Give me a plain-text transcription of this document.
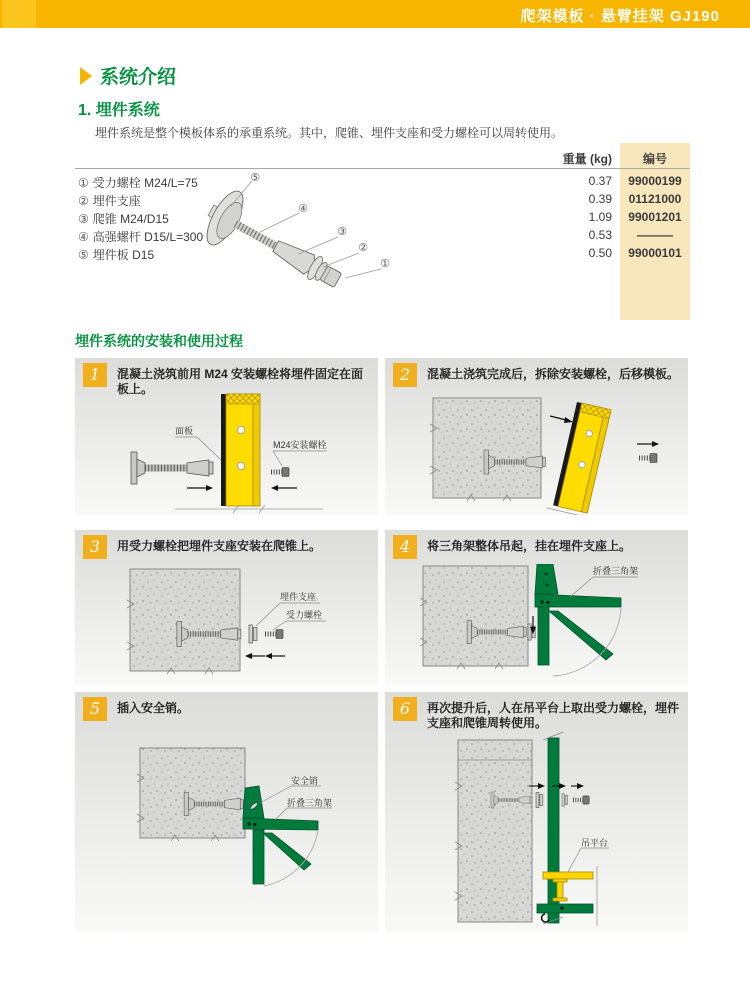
爬架模板 · 悬臂挂架 GJ190
系统介绍
1. 埋件系统
埋件系统是整个模板体系的承重系统。其中，爬锥、埋件支座和受力螺栓可以周转使用。
重量 (kg)	编号
① 受力螺栓 M24/L=75	0.37	99000199
② 埋件支座	0.39	01121000
③ 爬锥 M24/D15	1.09	99001201
④ 高强螺杆 D15/L=300	0.53	———
⑤ 埋件板 D15	0.50	99000101
⑤
④
③
②
①
埋件系统的安装和使用过程
1	混凝土浇筑前用 M24 安装螺栓将埋件固定在面板上。
面板
M24安装螺栓
2	混凝土浇筑完成后，拆除安装螺栓，后移模板。
3	用受力螺栓把埋件支座安装在爬锥上。
埋件支座
受力螺栓
4	将三角架整体吊起，挂在埋件支座上。
折叠三角架
5	插入安全销。
安全销
折叠三角架
6	再次提升后，人在吊平台上取出受力螺栓，埋件支座和爬锥周转使用。
吊平台
